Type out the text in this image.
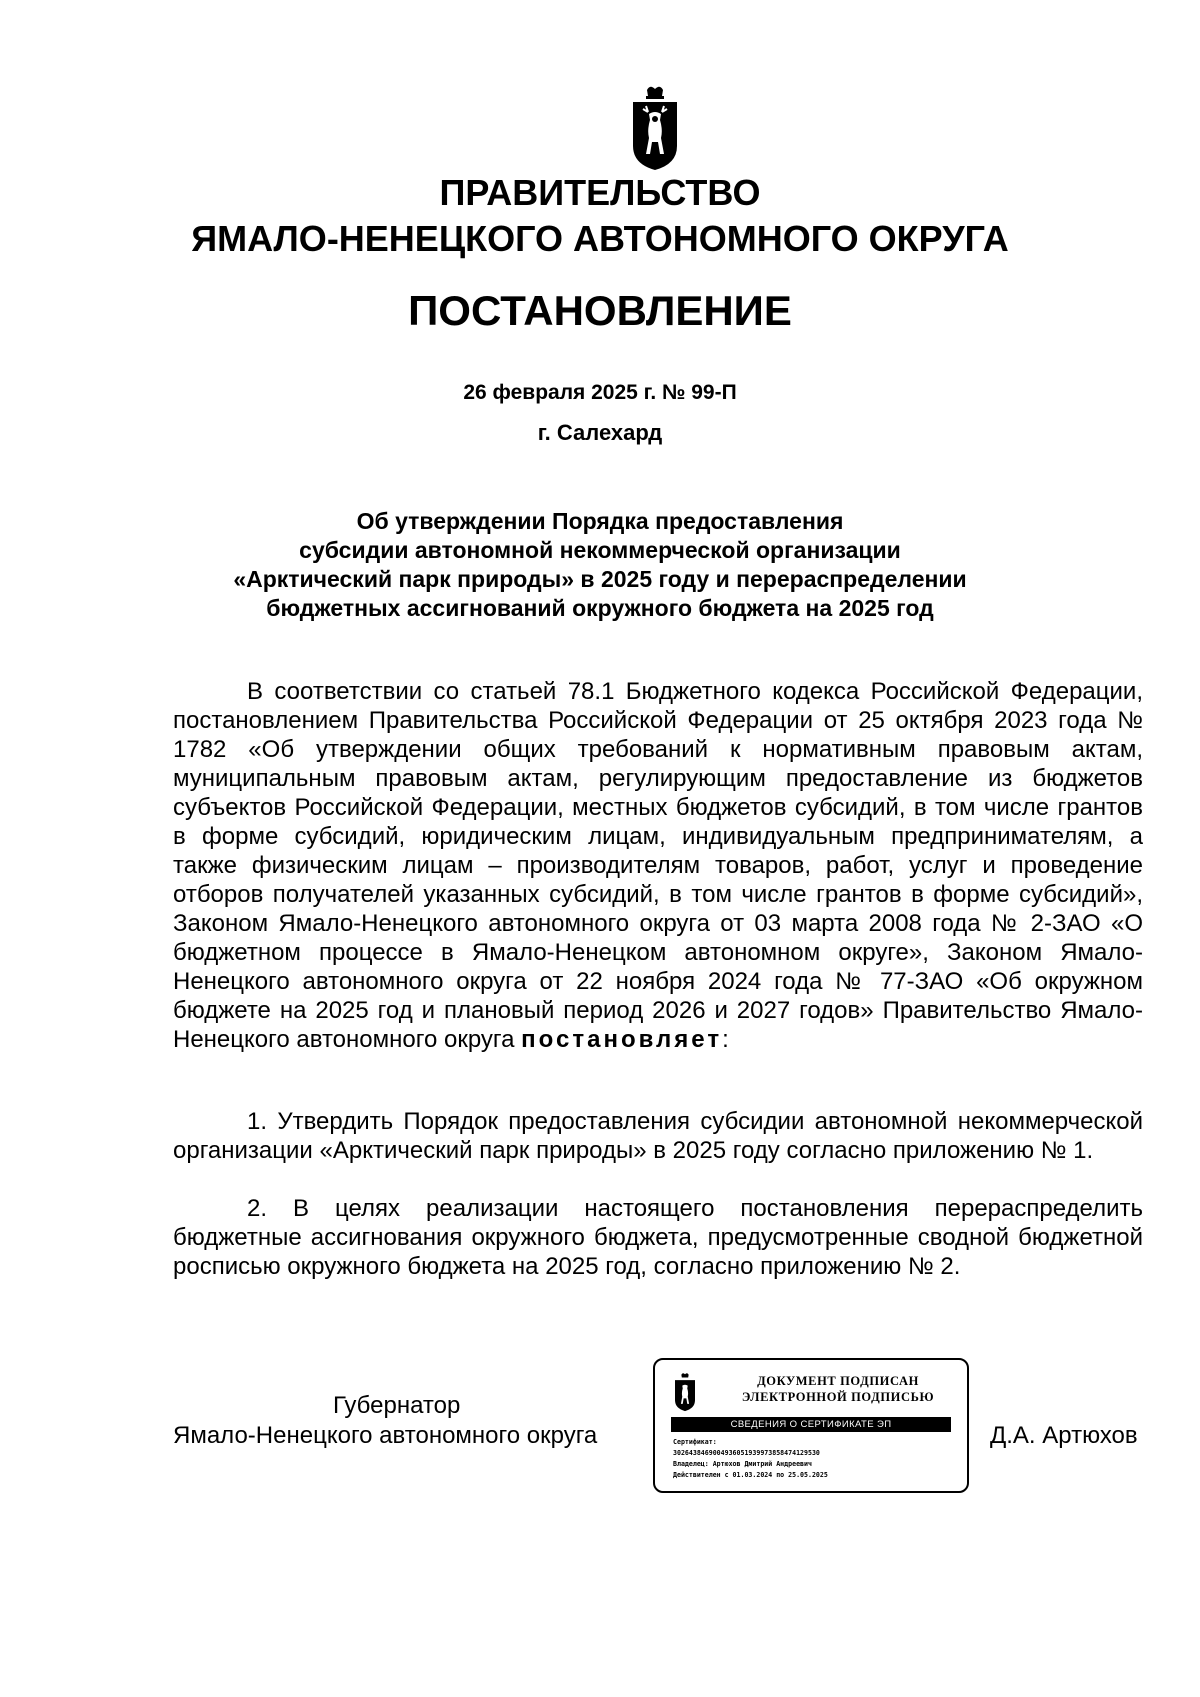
ПРАВИТЕЛЬСТВО
ЯМАЛО-НЕНЕЦКОГО АВТОНОМНОГО ОКРУГА
ПОСТАНОВЛЕНИЕ
26 февраля 2025 г. № 99-П
г. Салехард
Об утверждении Порядка предоставления
субсидии автономной некоммерческой организации
«Арктический парк природы» в 2025 году и перераспределении
бюджетных ассигнований окружного бюджета на 2025 год

В соответствии со статьей 78.1 Бюджетного кодекса Российской Федерации, постановлением Правительства Российской Федерации от 25 октября 2023 года № 1782 «Об утверждении общих требований к нормативным правовым актам, муниципальным правовым актам, регулирующим предоставление из бюджетов субъектов Российской Федерации, местных бюджетов субсидий, в том числе грантов в форме субсидий, юридическим лицам, индивидуальным предпринимателям, а также физическим лицам – производителям товаров, работ, услуг и проведение отборов получателей указанных субсидий, в том числе грантов в форме субсидий», Законом Ямало-Ненецкого автономного округа от 03 марта 2008 года № 2-ЗАО «О бюджетном процессе в Ямало-Ненецком автономном округе», Законом Ямало-Ненецкого автономного округа от 22 ноября 2024 года № 77-ЗАО «Об окружном бюджете на 2025 год и плановый период 2026 и 2027 годов» Правительство Ямало-Ненецкого автономного округа постановляет:

1. Утвердить Порядок предоставления субсидии автономной некоммерческой организации «Арктический парк природы» в 2025 году согласно приложению № 1.

2. В целях реализации настоящего постановления перераспределить бюджетные ассигнования окружного бюджета, предусмотренные сводной бюджетной росписью окружного бюджета на 2025 год, согласно приложению № 2.

Губернатор
Ямало-Ненецкого автономного округа
ДОКУМЕНТ ПОДПИСАН
ЭЛЕКТРОННОЙ ПОДПИСЬЮ
СВЕДЕНИЯ О СЕРТИФИКАТЕ ЭП
Сертификат:
3026438469004936051939973858474129530
Владелец: Артюхов Дмитрий Андреевич
Действителен с 01.03.2024 по 25.05.2025
Д.А. Артюхов
